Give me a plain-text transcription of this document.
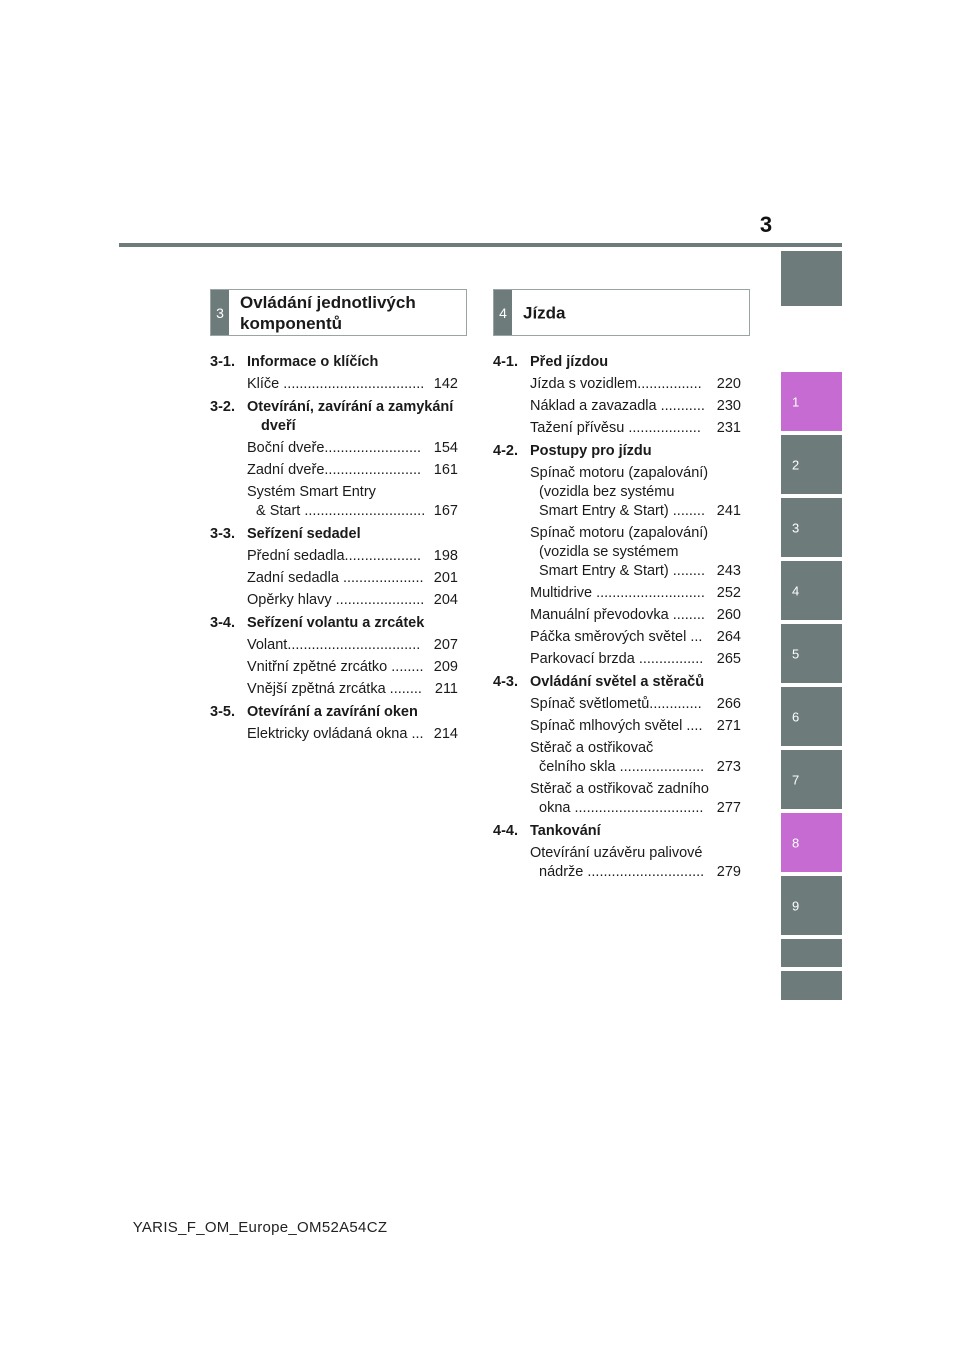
3
1
2
3
4
5
6
7
8
9
3
Ovládání jednotlivých
komponentů
4 Jízda
3-1. Informace o klíčích
Klíče ................................... 142
3-2. Otevírání, zavírání a zamykání
dveří
Boční dveře........................ 154
Zadní dveře........................ 161
Systém Smart Entry
& Start .............................. 167
3-3. Seřízení sedadel
Přední sedadla................... 198
Zadní sedadla .................... 201
Opěrky hlavy ...................... 204
3-4. Seřízení volantu a zrcátek
Volant................................. 207
Vnitřní zpětné zrcátko ........ 209
Vnější zpětná zrcátka ........ 211
3-5. Otevírání a zavírání oken
Elektricky ovládaná okna ... 214
4-1. Před jízdou
Jízda s vozidlem................	220
Náklad a zavazadla ........... 230
Tažení přívěsu ..................	231
4-2. Postupy pro jízdu
Spínač motoru (zapalování)
(vozidla bez systému
Smart Entry & Start) ........ 241
Spínač motoru (zapalování)
(vozidla se systémem
Smart Entry & Start) ........ 243
Multidrive ........................... 252
Manuální převodovka ........ 260
Páčka směrových světel ... 264
Parkovací brzda ................ 265
4-3. Ovládání světel a stěračů
Spínač světlometů.............	266
Spínač mlhových světel .... 271
Stěrač a ostřikovač
čelního skla ..................... 273
Stěrač a ostřikovač zadního
okna ................................ 277
4-4. Tankování
Otevírání uzávěru palivové
nádrže ............................. 279
YARIS_F_OM_Europe_OM52A54CZ
